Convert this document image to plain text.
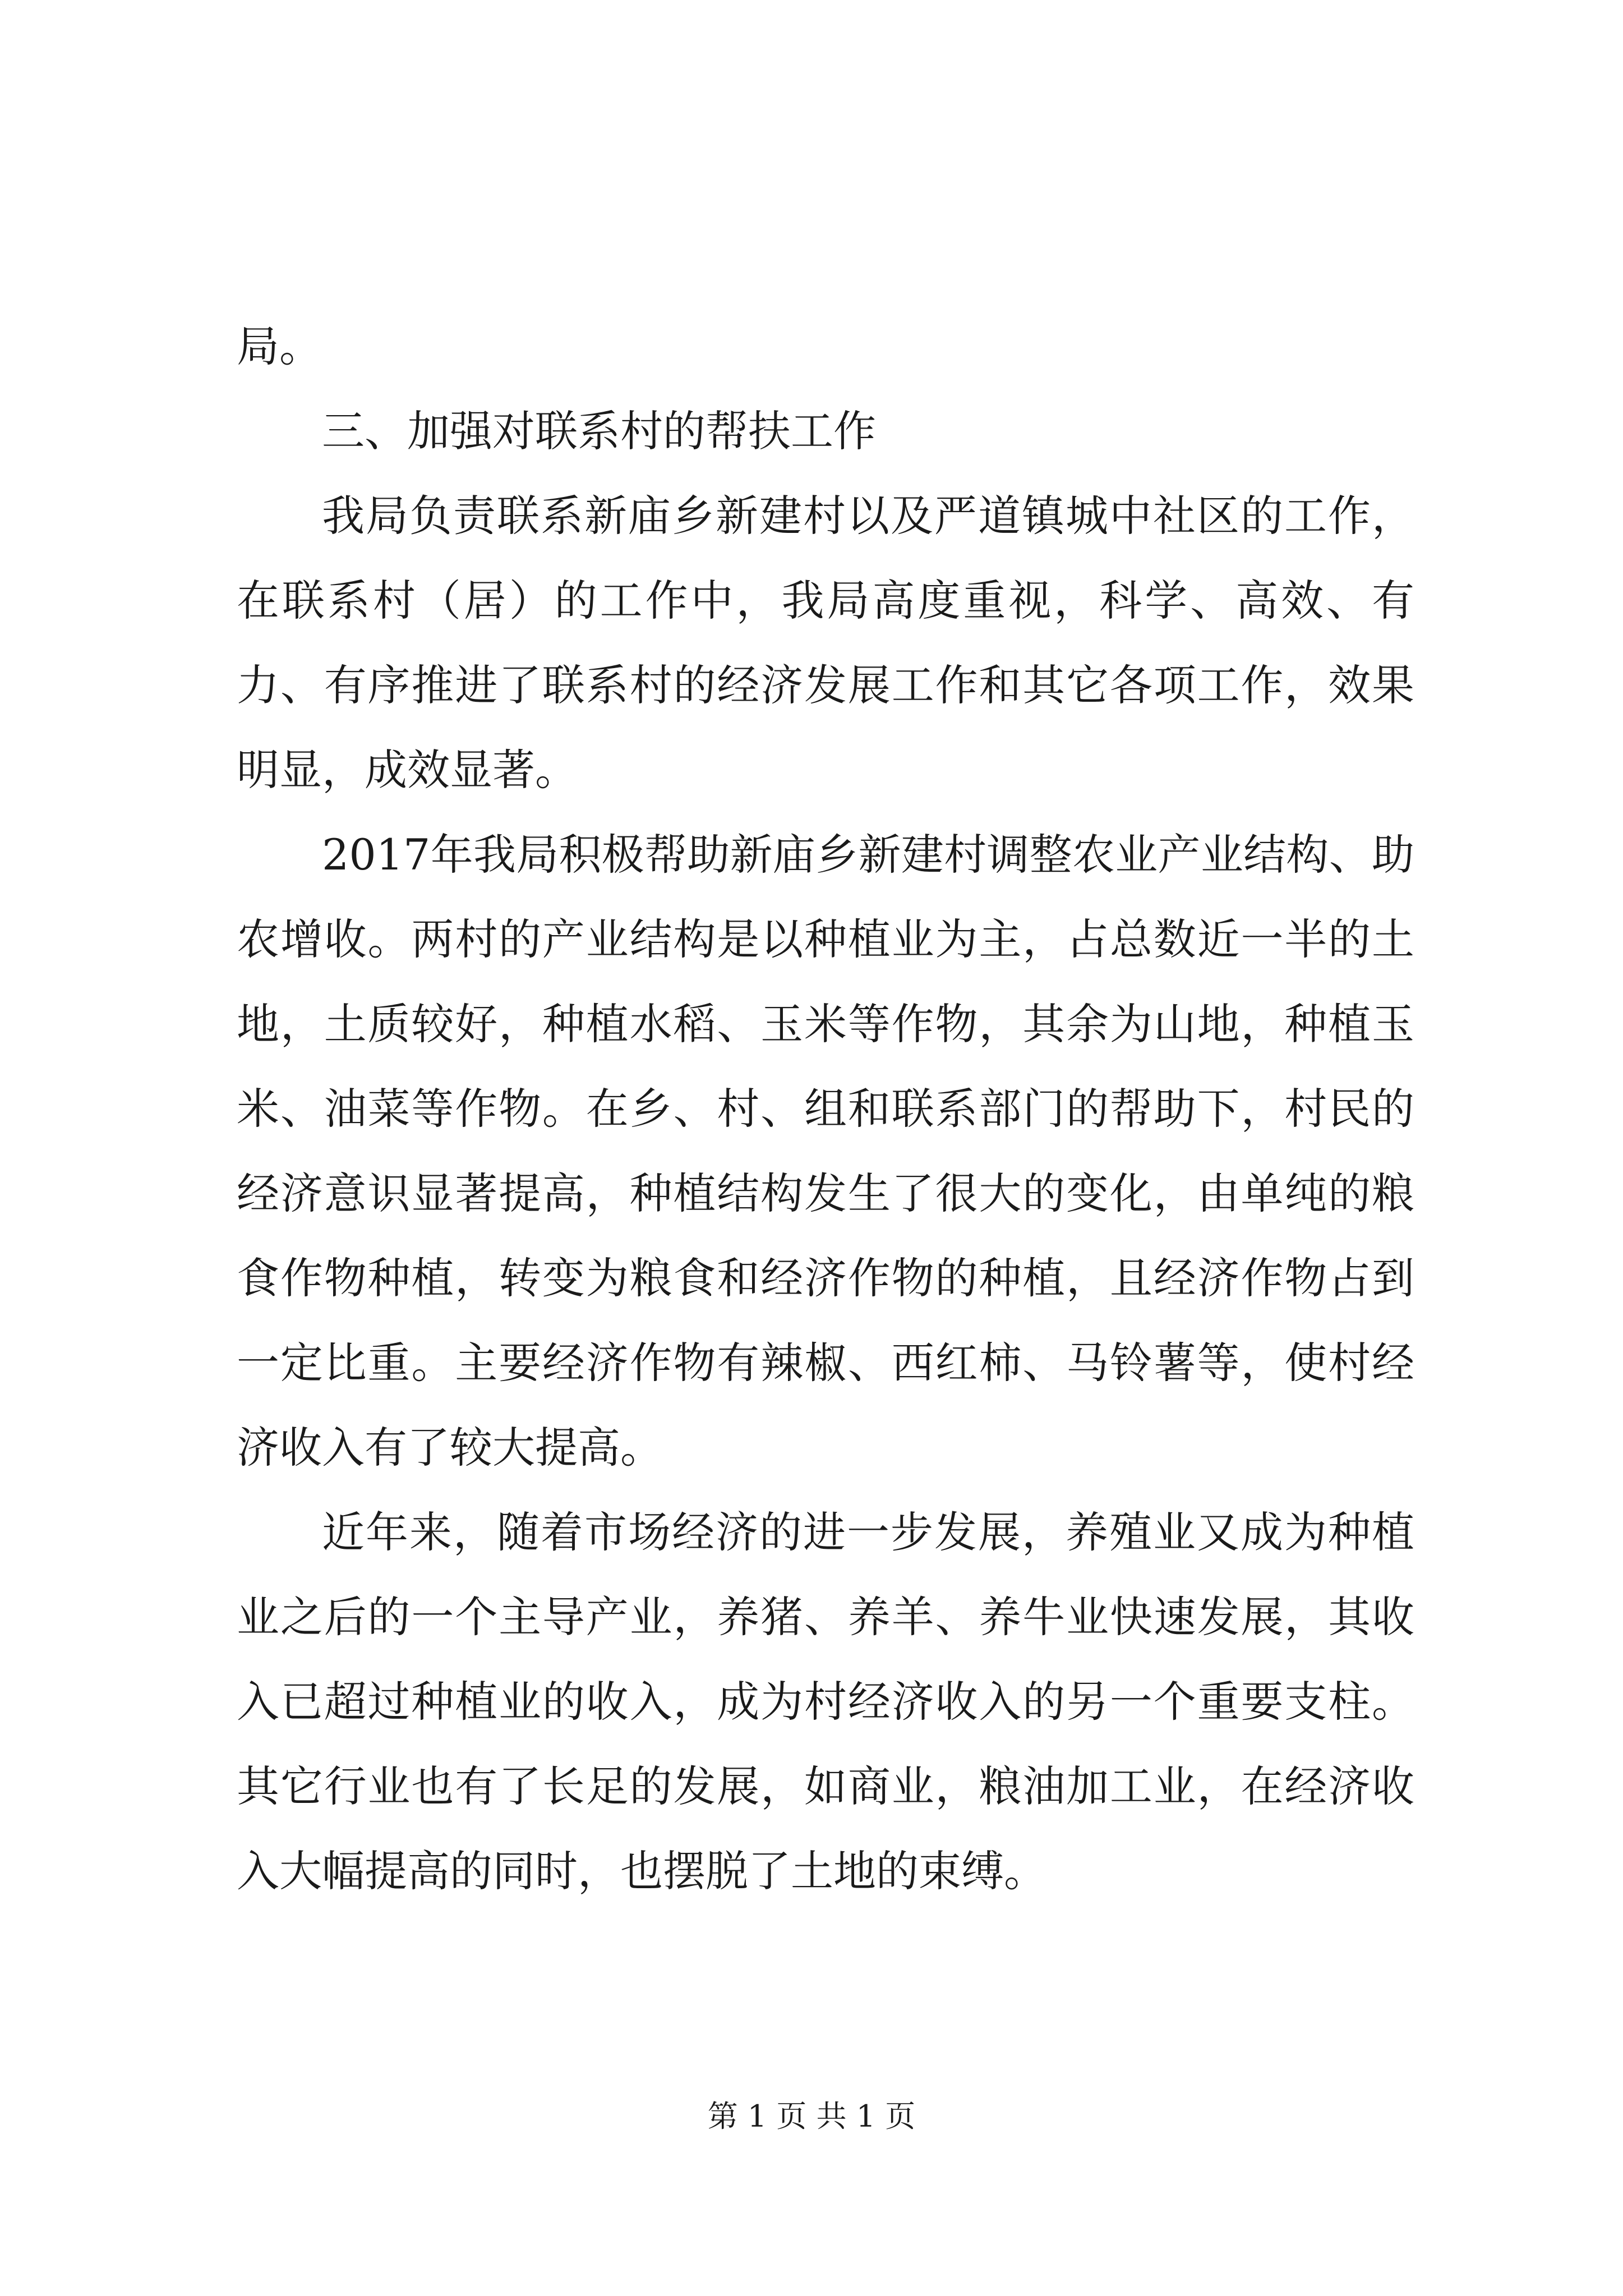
局。

三、加强对联系村的帮扶工作

我局负责联系新庙乡新建村以及严道镇城中社区的工作，在联系村（居）的工作中，我局高度重视，科学、高效、有力、有序推进了联系村的经济发展工作和其它各项工作，效果明显，成效显著。

2017年我局积极帮助新庙乡新建村调整农业产业结构、助农增收。两村的产业结构是以种植业为主，占总数近一半的土地，土质较好，种植水稻、玉米等作物，其余为山地，种植玉米、油菜等作物。在乡、村、组和联系部门的帮助下，村民的经济意识显著提高，种植结构发生了很大的变化，由单纯的粮食作物种植，转变为粮食和经济作物的种植，且经济作物占到一定比重。主要经济作物有辣椒、西红柿、马铃薯等，使村经济收入有了较大提高。

近年来，随着市场经济的进一步发展，养殖业又成为种植业之后的一个主导产业，养猪、养羊、养牛业快速发展，其收入已超过种植业的收入，成为村经济收入的另一个重要支柱。其它行业也有了长足的发展，如商业，粮油加工业，在经济收入大幅提高的同时，也摆脱了土地的束缚。

第 1 页 共 1 页
